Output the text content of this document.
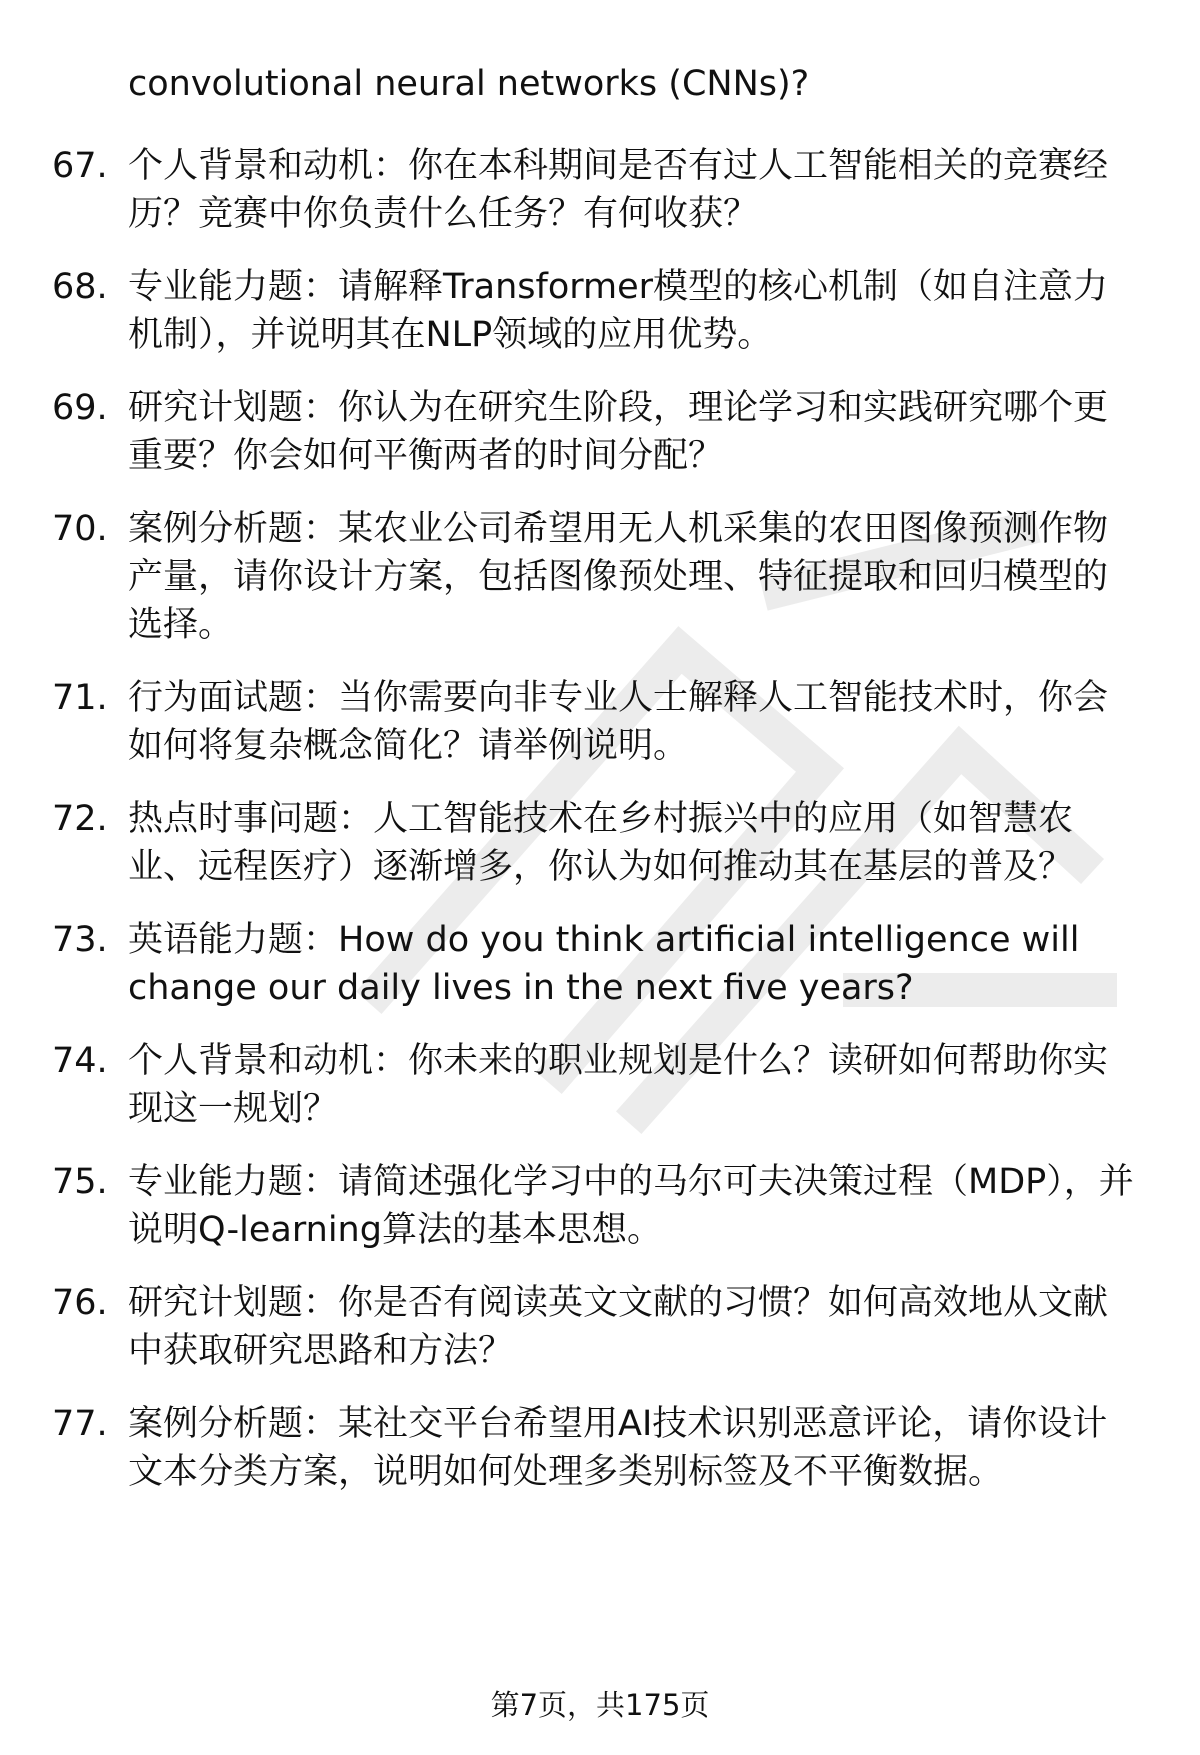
convolutional neural networks (CNNs)?
67. 个人背景和动机：你在本科期间是否有过人工智能相关的竞赛经历？竞赛中你负责什么任务？有何收获？
68. 专业能力题：请解释Transformer模型的核心机制（如自注意力机制），并说明其在NLP领域的应用优势。
69. 研究计划题：你认为在研究生阶段，理论学习和实践研究哪个更重要？你会如何平衡两者的时间分配？
70. 案例分析题：某农业公司希望用无人机采集的农田图像预测作物产量，请你设计方案，包括图像预处理、特征提取和回归模型的选择。
71. 行为面试题：当你需要向非专业人士解释人工智能技术时，你会如何将复杂概念简化？请举例说明。
72. 热点时事问题：人工智能技术在乡村振兴中的应用（如智慧农业、远程医疗）逐渐增多，你认为如何推动其在基层的普及？
73. 英语能力题：How do you think artificial intelligence will change our daily lives in the next five years?
74. 个人背景和动机：你未来的职业规划是什么？读研如何帮助你实现这一规划？
75. 专业能力题：请简述强化学习中的马尔可夫决策过程（MDP），并说明Q-learning算法的基本思想。
76. 研究计划题：你是否有阅读英文文献的习惯？如何高效地从文献中获取研究思路和方法？
77. 案例分析题：某社交平台希望用AI技术识别恶意评论，请你设计文本分类方案，说明如何处理多类别标签及不平衡数据。
第7页，共175页
